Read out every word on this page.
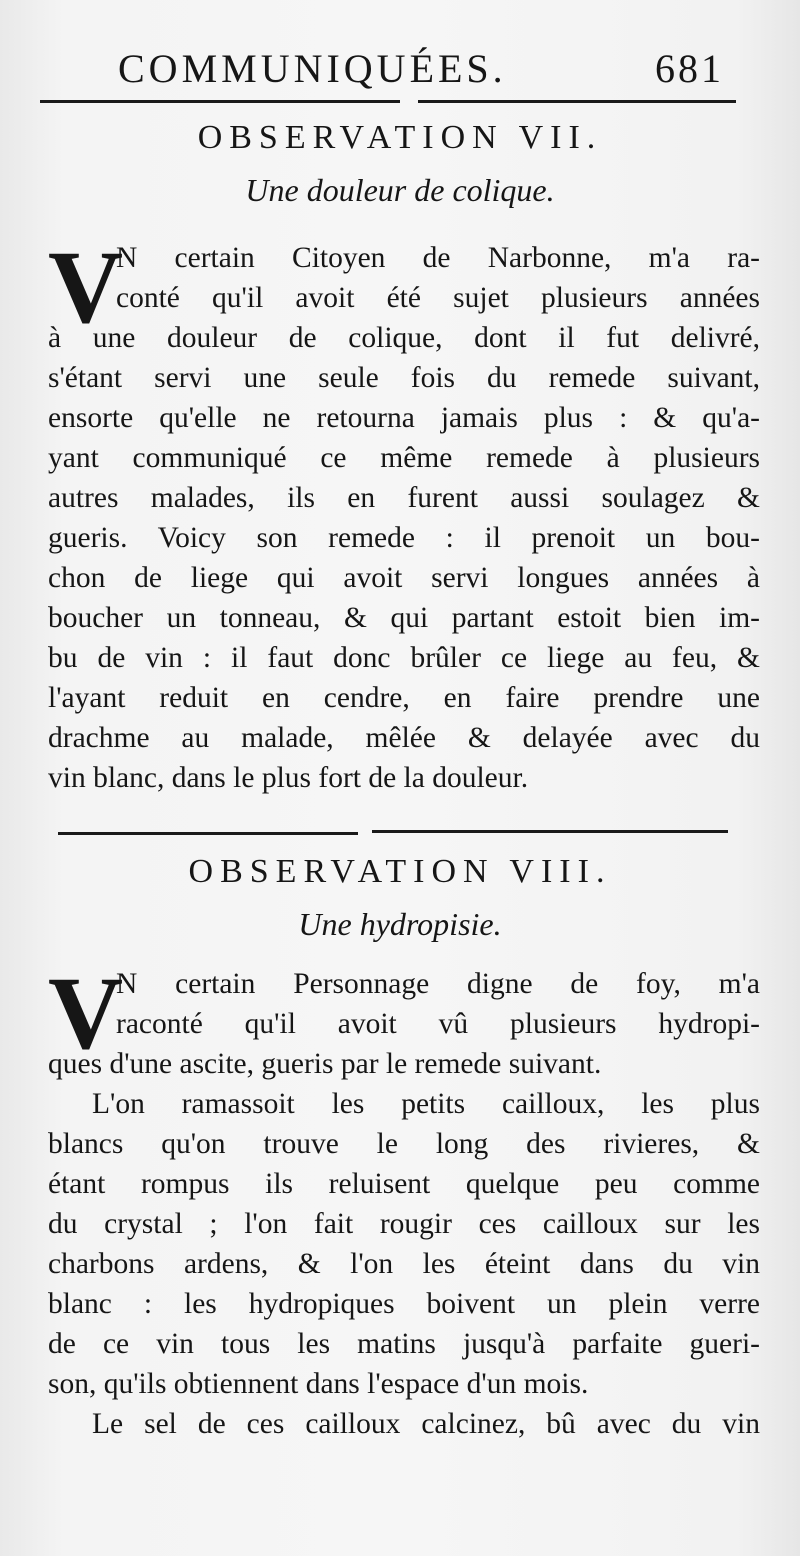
COMMUNIQUÉES.	681
OBSERVATION VII.
Une douleur de colique.
V
N certain Citoyen de Narbonne, m'a ra-
conté qu'il avoit été sujet plusieurs années
à une douleur de colique, dont il fut delivré,
s'étant servi une seule fois du remede suivant,
ensorte qu'elle ne retourna jamais plus : & qu'a-
yant communiqué ce même remede à plusieurs
autres malades, ils en furent aussi soulagez &
gueris. Voicy son remede : il prenoit un bou-
chon de liege qui avoit servi longues années à
boucher un tonneau, & qui partant estoit bien im-
bu de vin : il faut donc brûler ce liege au feu, &
l'ayant reduit en cendre, en faire prendre une
drachme au malade, mêlée & delayée avec du
vin blanc, dans le plus fort de la douleur.
OBSERVATION VIII.
Une hydropisie.
V
N certain Personnage digne de foy, m'a
raconté qu'il avoit vû plusieurs hydropi-
ques d'une ascite, gueris par le remede suivant.
L'on ramassoit les petits cailloux, les plus
blancs qu'on trouve le long des rivieres, &
étant rompus ils reluisent quelque peu comme
du crystal ; l'on fait rougir ces cailloux sur les
charbons ardens, & l'on les éteint dans du vin
blanc : les hydropiques boivent un plein verre
de ce vin tous les matins jusqu'à parfaite gueri-
son, qu'ils obtiennent dans l'espace d'un mois.
Le sel de ces cailloux calcinez, bû avec du vin
